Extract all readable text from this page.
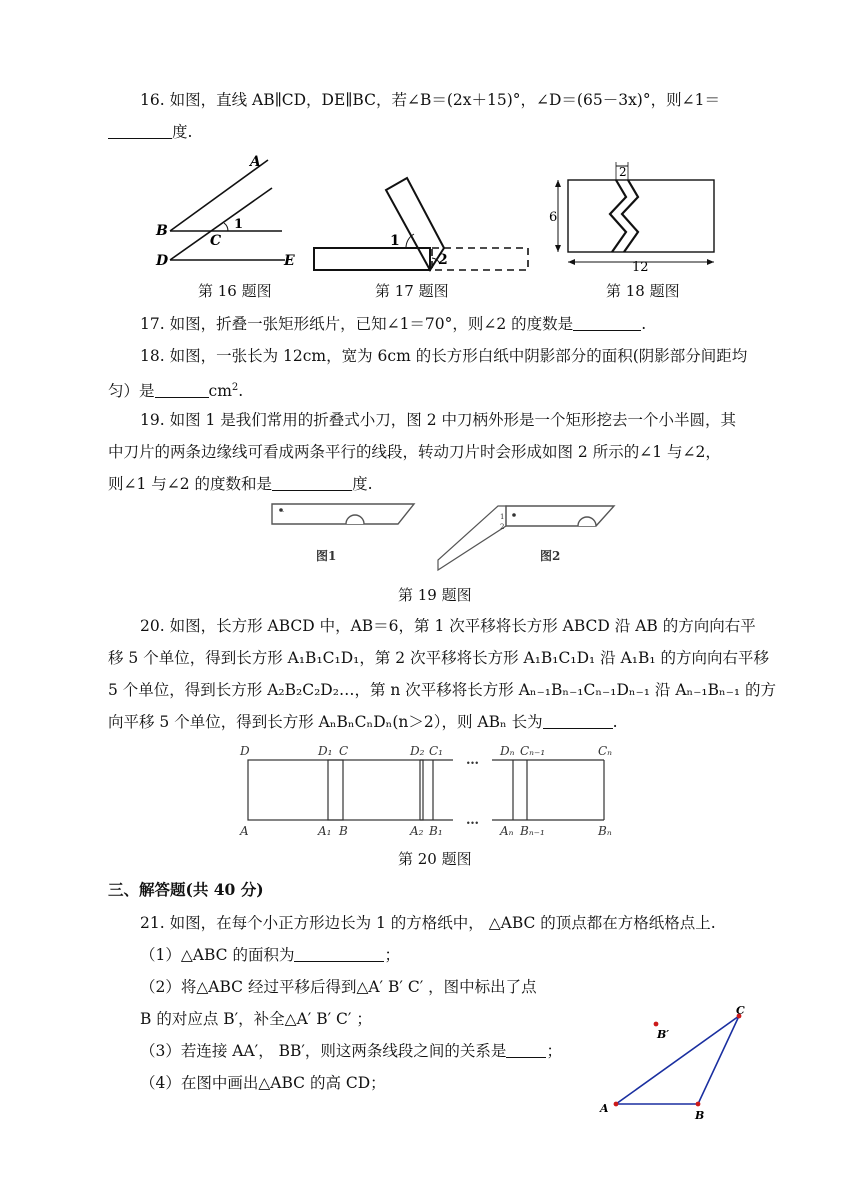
16. 如图，直线 AB∥CD，DE∥BC，若∠B＝(2x＋15)°，∠D＝(65－3x)°，则∠1＝
度.
A
B
C
D	E
1
1
2
2
6
12
第 16 题图	第 17 题图	第 18 题图
17. 如图，折叠一张矩形纸片，已知∠1＝70°，则∠2 的度数是	.
18. 如图，一张长为 12cm，宽为 6cm 的长方形白纸中阴影部分的面积(阴影部分间距均
匀）是	$cm^2$.
19. 如图 1 是我们常用的折叠式小刀，图 2 中刀柄外形是一个矩形挖去一个小半圆，其
中刀片的两条边缘线可看成两条平行的线段，转动刀片时会形成如图 2 所示的∠1 与∠2，
则∠1 与∠2 的度数和是	度.
·
图1
1
2
图2
第 19 题图
20. 如图，长方形 ABCD 中，AB＝6，第 1 次平移将长方形 ABCD 沿 AB 的方向向右平
移 5 个单位，得到长方形 A₁B₁C₁D₁，第 2 次平移将长方形 A₁B₁C₁D₁ 沿 A₁B₁ 的方向向右平移
5 个单位，得到长方形 A₂B₂C₂D₂…，第 n 次平移将长方形 Aₙ₋₁Bₙ₋₁Cₙ₋₁Dₙ₋₁ 沿 Aₙ₋₁Bₙ₋₁ 的方
向平移 5 个单位，得到长方形 AₙBₙCₙDₙ(n＞2），则 ABₙ 长为	.
…
…
D	D₁ C	D₂ C₁	Dₙ Cₙ₋₁	Cₙ
A	A₁ B	A₂ B₁	Aₙ Bₙ₋₁	Bₙ
第 20 题图
三、解答题(共 40 分)
21. 如图，在每个小正方形边长为 1 的方格纸中， △ABC 的顶点都在方格纸格点上.
（1）△ABC 的面积为	；
（2）将△ABC 经过平移后得到△A′ B′ C′ ，图中标出了点
B 的对应点 B′，补全△A′ B′ C′ ；
（3）若连接 AA′， BB′，则这两条线段之间的关系是	；
（4）在图中画出△ABC 的高 CD；
A
B
C
B′
